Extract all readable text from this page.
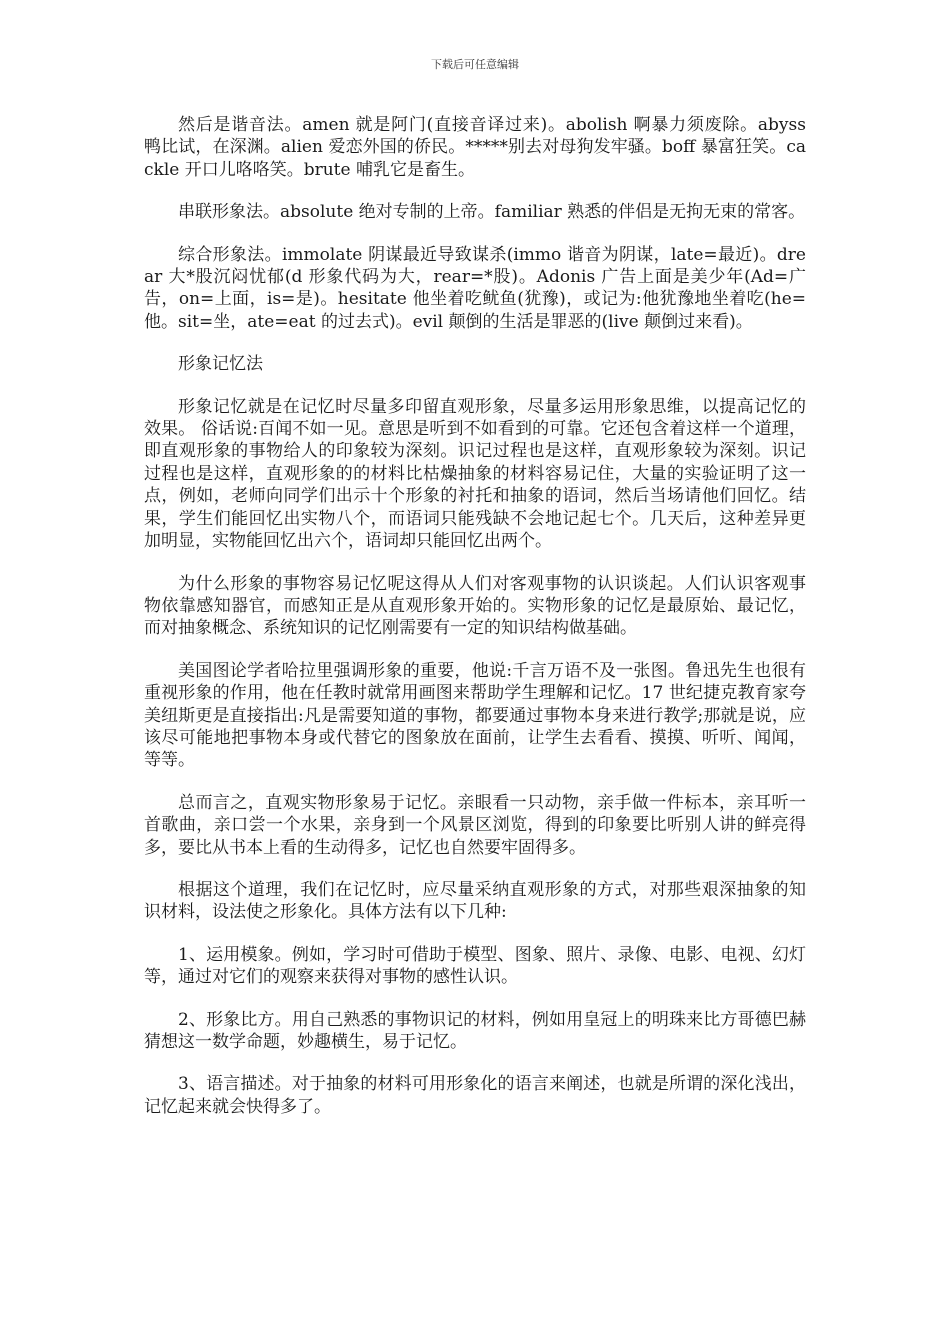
下载后可任意编辑

然后是谐音法。amen 就是阿门(直接音译过来)。abolish 啊暴力须废除。abyss 鸭比试，在深渊。alien 爱恋外国的侨民。*****别去对母狗发牢骚。boff 暴富狂笑。cackle 开口儿咯咯笑。brute 哺乳它是畜生。

串联形象法。absolute 绝对专制的上帝。familiar 熟悉的伴侣是无拘无束的常客。

综合形象法。immolate 阴谋最近导致谋杀(immo 谐音为阴谋，late=最近)。drear 大*股沉闷忧郁(d 形象代码为大，rear=*股)。Adonis 广告上面是美少年(Ad=广告，on=上面，is=是)。hesitate 他坐着吃鱿鱼(犹豫)，或记为:他犹豫地坐着吃(he=他。sit=坐，ate=eat 的过去式)。evil 颠倒的生活是罪恶的(live 颠倒过来看)。

形象记忆法

形象记忆就是在记忆时尽量多印留直观形象，尽量多运用形象思维，以提高记忆的效果。 俗话说:百闻不如一见。意思是听到不如看到的可靠。它还包含着这样一个道理，即直观形象的事物给人的印象较为深刻。识记过程也是这样，直观形象较为深刻。识记过程也是这样，直观形象的的材料比枯燥抽象的材料容易记住，大量的实验证明了这一点，例如，老师向同学们出示十个形象的衬托和抽象的语词，然后当场请他们回忆。结果，学生们能回忆出实物八个，而语词只能残缺不会地记起七个。几天后，这种差异更加明显，实物能回忆出六个，语词却只能回忆出两个。

为什么形象的事物容易记忆呢这得从人们对客观事物的认识谈起。人们认识客观事物依靠感知器官，而感知正是从直观形象开始的。实物形象的记忆是最原始、最记忆，而对抽象概念、系统知识的记忆刚需要有一定的知识结构做基础。

美国图论学者哈拉里强调形象的重要，他说:千言万语不及一张图。鲁迅先生也很有重视形象的作用，他在任教时就常用画图来帮助学生理解和记忆。17 世纪捷克教育家夸美纽斯更是直接指出:凡是需要知道的事物，都要通过事物本身来进行教学;那就是说，应该尽可能地把事物本身或代替它的图象放在面前，让学生去看看、摸摸、听听、闻闻，等等。

总而言之，直观实物形象易于记忆。亲眼看一只动物，亲手做一件标本，亲耳听一首歌曲，亲口尝一个水果，亲身到一个风景区浏览，得到的印象要比听别人讲的鲜亮得多，要比从书本上看的生动得多，记忆也自然要牢固得多。

根据这个道理，我们在记忆时，应尽量采纳直观形象的方式，对那些艰深抽象的知识材料，设法使之形象化。具体方法有以下几种:

1、运用模象。例如，学习时可借助于模型、图象、照片、录像、电影、电视、幻灯等，通过对它们的观察来获得对事物的感性认识。

2、形象比方。用自己熟悉的事物识记的材料，例如用皇冠上的明珠来比方哥德巴赫猜想这一数学命题，妙趣横生，易于记忆。

3、语言描述。对于抽象的材料可用形象化的语言来阐述，也就是所谓的深化浅出，记忆起来就会快得多了。
